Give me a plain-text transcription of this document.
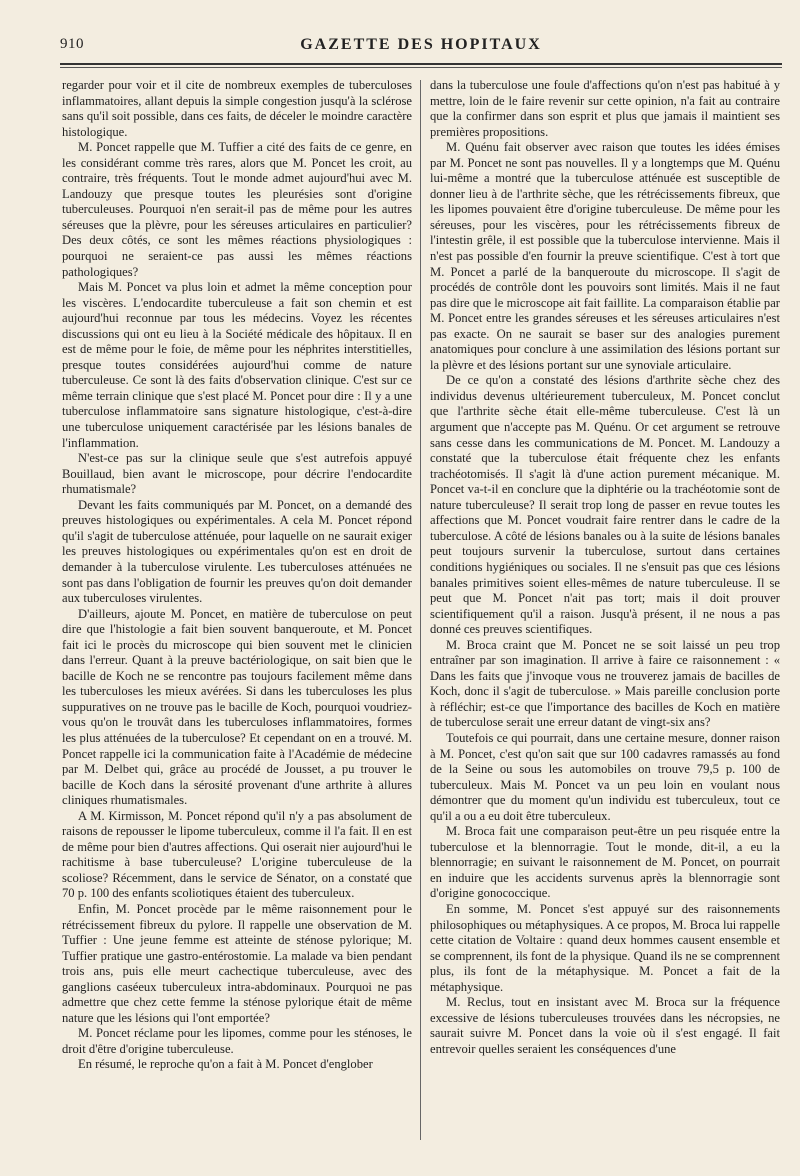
910	GAZETTE DES HOPITAUX

regarder pour voir et il cite de nombreux exemples de tuberculoses inflammatoires, allant depuis la simple congestion jusqu'à la sclérose sans qu'il soit possible, dans ces faits, de déceler le moindre caractère histologique.

M. Poncet rappelle que M. Tuffier a cité des faits de ce genre, en les considérant comme très rares, alors que M. Poncet les croit, au contraire, très fréquents. Tout le monde admet aujourd'hui avec M. Landouzy que presque toutes les pleurésies sont d'origine tuberculeuses. Pourquoi n'en serait-il pas de même pour les autres séreuses que la plèvre, pour les séreuses articulaires en particulier? Des deux côtés, ce sont les mêmes réactions physiologiques : pourquoi ne seraient-ce pas aussi les mêmes réactions pathologiques?

Mais M. Poncet va plus loin et admet la même conception pour les viscères. L'endocardite tuberculeuse a fait son chemin et est aujourd'hui reconnue par tous les médecins. Voyez les récentes discussions qui ont eu lieu à la Société médicale des hôpitaux. Il en est de même pour le foie, de même pour les néphrites interstitielles, presque toutes considérées aujourd'hui comme de nature tuberculeuse. Ce sont là des faits d'observation clinique. C'est sur ce même terrain clinique que s'est placé M. Poncet pour dire : Il y a une tuberculose inflammatoire sans signature histologique, c'est-à-dire une tuberculose uniquement caractérisée par les lésions banales de l'inflammation.

N'est-ce pas sur la clinique seule que s'est autrefois appuyé Bouillaud, bien avant le microscope, pour décrire l'endocardite rhumatismale?

Devant les faits communiqués par M. Poncet, on a demandé des preuves histologiques ou expérimentales. A cela M. Poncet répond qu'il s'agit de tuberculose atténuée, pour laquelle on ne saurait exiger les preuves histologiques ou expérimentales qu'on est en droit de demander à la tuberculose virulente. Les tuberculoses atténuées ne sont pas dans l'obligation de fournir les preuves qu'on doit demander aux tuberculoses virulentes.

D'ailleurs, ajoute M. Poncet, en matière de tuberculose on peut dire que l'histologie a fait bien souvent banqueroute, et M. Poncet fait ici le procès du microscope qui bien souvent met le clinicien dans l'erreur. Quant à la preuve bactériologique, on sait bien que le bacille de Koch ne se rencontre pas toujours facilement même dans les tuberculoses les mieux avérées. Si dans les tuberculoses les plus suppuratives on ne trouve pas le bacille de Koch, pourquoi voudriez-vous qu'on le trouvât dans les tuberculoses inflammatoires, formes les plus atténuées de la tuberculose? Et cependant on en a trouvé. M. Poncet rappelle ici la communication faite à l'Académie de médecine par M. Delbet qui, grâce au procédé de Jousset, a pu trouver le bacille de Koch dans la sérosité provenant d'une arthrite à allures cliniques rhumatismales.

A M. Kirmisson, M. Poncet répond qu'il n'y a pas absolument de raisons de repousser le lipome tuberculeux, comme il l'a fait. Il en est de même pour bien d'autres affections. Qui oserait nier aujourd'hui le rachitisme à base tuberculeuse? L'origine tuberculeuse de la scoliose? Récemment, dans le service de Sénator, on a constaté que 70 p. 100 des enfants scoliotiques étaient des tuberculeux.

Enfin, M. Poncet procède par le même raisonnement pour le rétrécissement fibreux du pylore. Il rappelle une observation de M. Tuffier : Une jeune femme est atteinte de sténose pylorique; M. Tuffier pratique une gastro-entérostomie. La malade va bien pendant trois ans, puis elle meurt cachectique tuberculeuse, avec des ganglions caséeux tuberculeux intra-abdominaux. Pourquoi ne pas admettre que chez cette femme la sténose pylorique était de même nature que les lésions qui l'ont emportée?

M. Poncet réclame pour les lipomes, comme pour les sténoses, le droit d'être d'origine tuberculeuse.

En résumé, le reproche qu'on a fait à M. Poncet d'englober

dans la tuberculose une foule d'affections qu'on n'est pas habitué à y mettre, loin de le faire revenir sur cette opinion, n'a fait au contraire que la confirmer dans son esprit et plus que jamais il maintient ses premières propositions.

M. Quénu fait observer avec raison que toutes les idées émises par M. Poncet ne sont pas nouvelles. Il y a longtemps que M. Quénu lui-même a montré que la tuberculose atténuée est susceptible de donner lieu à de l'arthrite sèche, que les rétrécissements fibreux, que les lipomes pouvaient être d'origine tuberculeuse. De même pour les séreuses, pour les viscères, pour les rétrécissements fibreux de l'intestin grêle, il est possible que la tuberculose intervienne. Mais il n'est pas possible d'en fournir la preuve scientifique. C'est à tort que M. Poncet a parlé de la banqueroute du microscope. Il s'agit de procédés de contrôle dont les pouvoirs sont limités. Mais il ne faut pas dire que le microscope ait fait faillite. La comparaison établie par M. Poncet entre les grandes séreuses et les séreuses articulaires n'est pas exacte. On ne saurait se baser sur des analogies purement anatomiques pour conclure à une assimilation des lésions portant sur la plèvre et des lésions portant sur une synoviale articulaire.

De ce qu'on a constaté des lésions d'arthrite sèche chez des individus devenus ultérieurement tuberculeux, M. Poncet conclut que l'arthrite sèche était elle-même tuberculeuse. C'est là un argument que n'accepte pas M. Quénu. Or cet argument se retrouve sans cesse dans les communications de M. Poncet. M. Landouzy a constaté que la tuberculose était fréquente chez les enfants trachéotomisés. Il s'agit là d'une action purement mécanique. M. Poncet va-t-il en conclure que la diphtérie ou la trachéotomie sont de nature tuberculeuse? Il serait trop long de passer en revue toutes les affections que M. Poncet voudrait faire rentrer dans le cadre de la tuberculose. A côté de lésions banales ou à la suite de lésions banales peut toujours survenir la tuberculose, surtout dans certaines conditions hygiéniques ou sociales. Il ne s'ensuit pas que ces lésions banales primitives soient elles-mêmes de nature tuberculeuse. Il se peut que M. Poncet n'ait pas tort; mais il doit prouver scientifiquement qu'il a raison. Jusqu'à présent, il ne nous a pas donné ces preuves scientifiques.

M. Broca craint que M. Poncet ne se soit laissé un peu trop entraîner par son imagination. Il arrive à faire ce raisonnement : « Dans les faits que j'invoque vous ne trouverez jamais de bacilles de Koch, donc il s'agit de tuberculose. » Mais pareille conclusion porte à réfléchir; est-ce que l'importance des bacilles de Koch en matière de tuberculose serait une erreur datant de vingt-six ans?

Toutefois ce qui pourrait, dans une certaine mesure, donner raison à M. Poncet, c'est qu'on sait que sur 100 cadavres ramassés au fond de la Seine ou sous les automobiles on trouve 79,5 p. 100 de tuberculeux. Mais M. Poncet va un peu loin en voulant nous démontrer que du moment qu'un individu est tuberculeux, tout ce qu'il a ou a eu doit être tuberculeux.

M. Broca fait une comparaison peut-être un peu risquée entre la tuberculose et la blennorragie. Tout le monde, dit-il, a eu la blennorragie; en suivant le raisonnement de M. Poncet, on pourrait en induire que les accidents survenus après la blennorragie sont d'origine gonococcique.

En somme, M. Poncet s'est appuyé sur des raisonnements philosophiques ou métaphysiques. A ce propos, M. Broca lui rappelle cette citation de Voltaire : quand deux hommes causent ensemble et se comprennent, ils font de la physique. Quand ils ne se comprennent plus, ils font de la métaphysique. M. Poncet a fait de la métaphysique.

M. Reclus, tout en insistant avec M. Broca sur la fréquence excessive de lésions tuberculeuses trouvées dans les nécropsies, ne saurait suivre M. Poncet dans la voie où il s'est engagé. Il fait entrevoir quelles seraient les conséquences d'une
